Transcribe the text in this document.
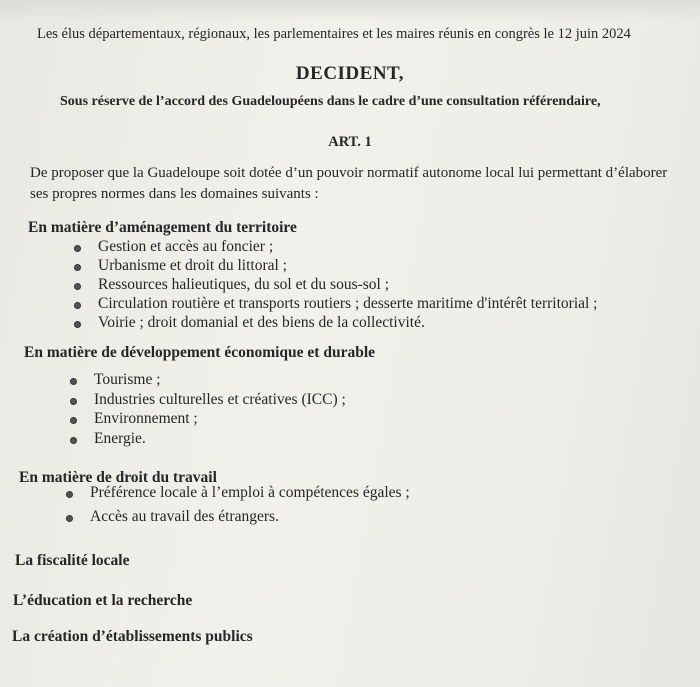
Les élus départementaux, régionaux, les parlementaires et les maires réunis en congrès le 12 juin 2024
DECIDENT,
Sous réserve de l’accord des Guadeloupéens dans le cadre d’une consultation référendaire,
ART. 1
De proposer que la Guadeloupe soit dotée d’un pouvoir normatif autonome local lui permettant d’élaborer ses propres normes dans les domaines suivants :
En matière d’aménagement du territoire
Gestion et accès au foncier ;
Urbanisme et droit du littoral ;
Ressources halieutiques, du sol et du sous-sol ;
Circulation routière et transports routiers ; desserte maritime d'intérêt territorial ;
Voirie ; droit domanial et des biens de la collectivité.
En matière de développement économique et durable
Tourisme ;
Industries culturelles et créatives (ICC) ;
Environnement ;
Energie.
En matière de droit du travail
Préférence locale à l’emploi à compétences égales ;
Accès au travail des étrangers.
La fiscalité locale
L’éducation et la recherche
La création d’établissements publics
